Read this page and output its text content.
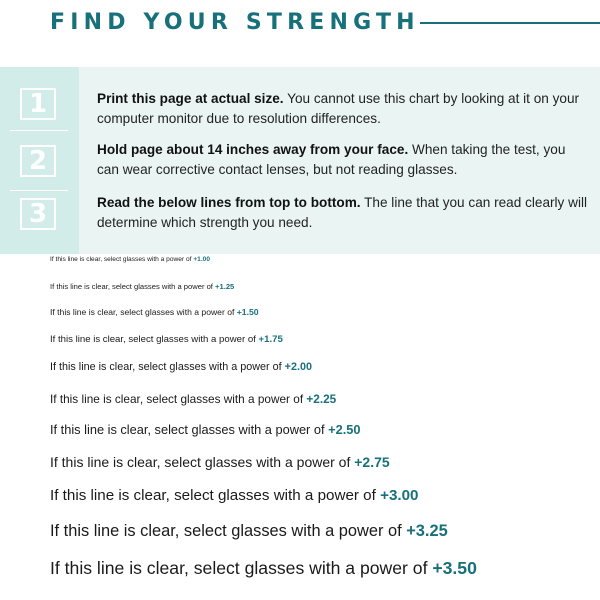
FIND YOUR STRENGTH
1
2
3
Print this page at actual size. You cannot use this chart by looking at it on your computer monitor due to resolution differences.
Hold page about 14 inches away from your face. When taking the test, you can wear corrective contact lenses, but not reading glasses.
Read the below lines from top to bottom. The line that you can read clearly will determine which strength you need.
If this line is clear, select glasses with a power of +1.00
If this line is clear, select glasses with a power of +1.25
If this line is clear, select glasses with a power of +1.50
If this line is clear, select glasses with a power of +1.75
If this line is clear, select glasses with a power of +2.00
If this line is clear, select glasses with a power of +2.25
If this line is clear, select glasses with a power of +2.50
If this line is clear, select glasses with a power of +2.75
If this line is clear, select glasses with a power of +3.00
If this line is clear, select glasses with a power of +3.25
If this line is clear, select glasses with a power of +3.50
